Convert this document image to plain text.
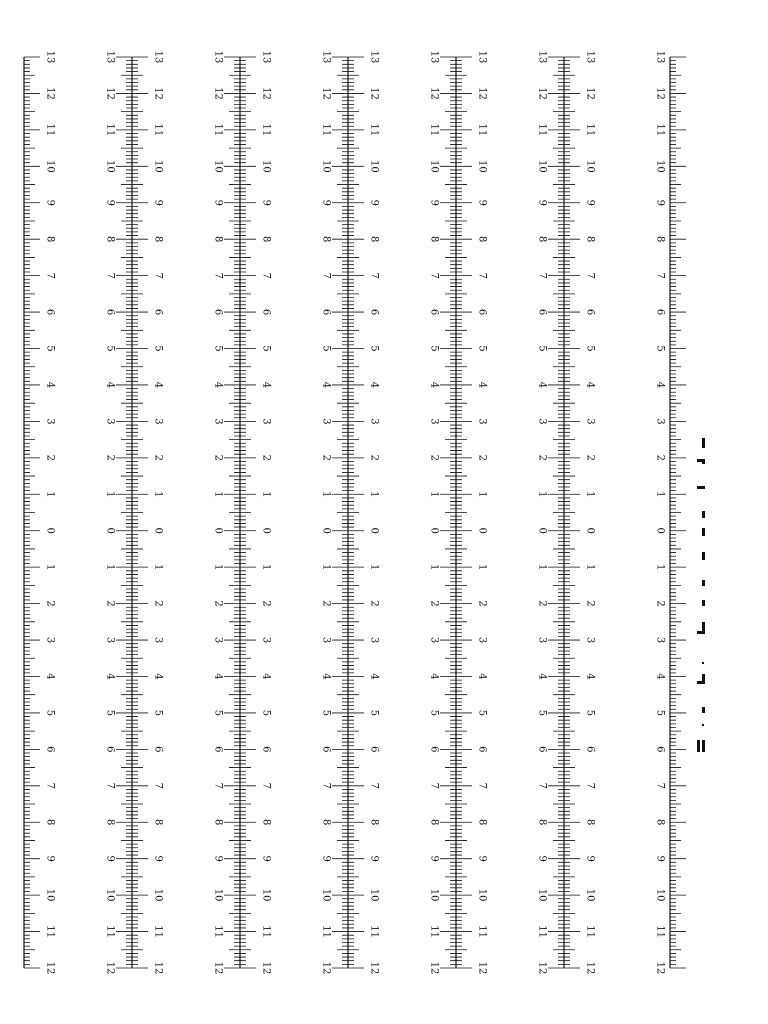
13
12
11
10
9
8
7
6
5
4
3
2
1
0
1
2
3
4
5
6
7
8
9
10
11
12
13
13
12
12
11
11
10
10
9
9
8
8
7
7
6
6
5
5
4
4
3
3
2
2
1
1
0
0
1
1
2
2
3
3
4
4
5
5
6
6
7
7
8
8
9
9
10
10
11
11
12
12
13
13
12
12
11
11
10
10
9
9
8
8
7
7
6
6
5
5
4
4
3
3
2
2
1
1
0
0
1
1
2
2
3
3
4
4
5
5
6
6
7
7
8
8
9
9
10
10
11
11
12
12
13
13
12
12
11
11
10
10
9
9
8
8
7
7
6
6
5
5
4
4
3
3
2
2
1
1
0
0
1
1
2
2
3
3
4
4
5
5
6
6
7
7
8
8
9
9
10
10
11
11
12
12
13
13
12
12
11
11
10
10
9
9
8
8
7
7
6
6
5
5
4
4
3
3
2
2
1
1
0
0
1
1
2
2
3
3
4
4
5
5
6
6
7
7
8
8
9
9
10
10
11
11
12
12
13
13
12
12
11
11
10
10
9
9
8
8
7
7
6
6
5
5
4
4
3
3
2
2
1
1
0
0
1
1
2
2
3
3
4
4
5
5
6
6
7
7
8
8
9
9
10
10
11
11
12
12
13
12
11
10
9
8
7
6
5
4
3
2
1
0
1
2
3
4
5
6
7
8
9
10
11
12
